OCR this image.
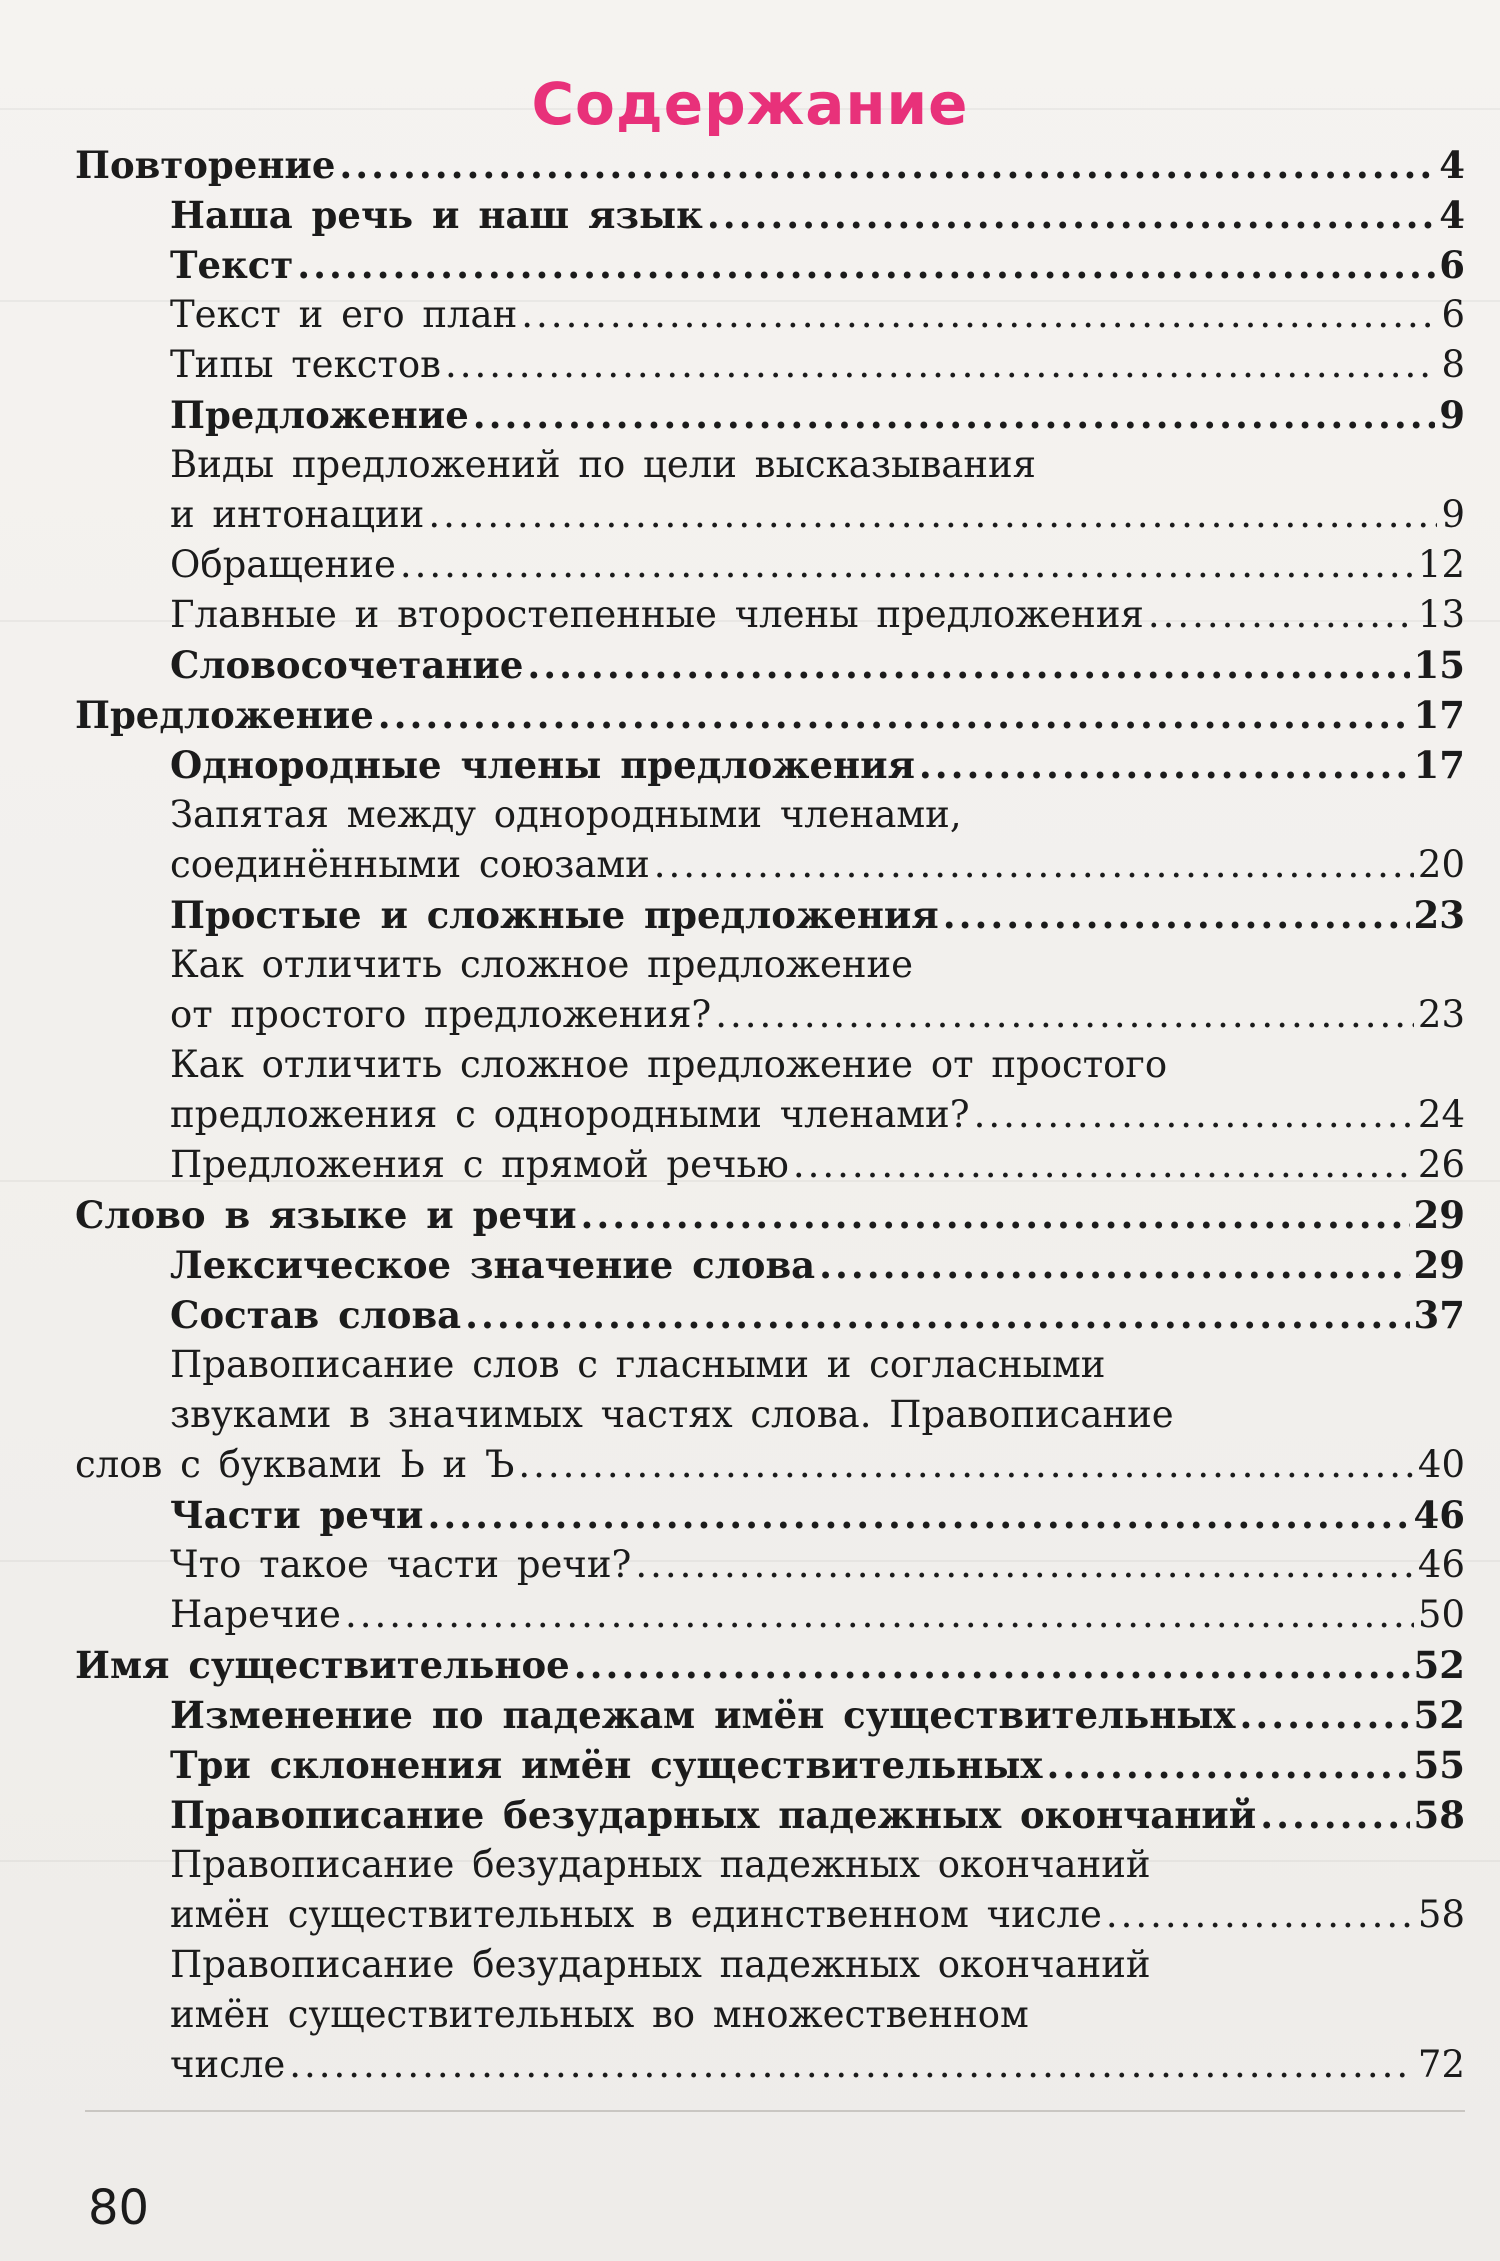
Содержание
Повторение .....	4
Наша речь и наш язык .....	4
Текст .....	6
Текст и его план .....	6
Типы текстов .....	8
Предложение .....	9
Виды предложений по цели высказывания
и интонации .....	9
Обращение .....	12
Главные и второстепенные члены предложения .....	13
Словосочетание .....	15
Предложение .....	17
Однородные члены предложения .....	17
Запятая между однородными членами,
соединёнными союзами .....	20
Простые и сложные предложения .....	23
Как отличить сложное предложение
от простого предложения? .....	23
Как отличить сложное предложение от простого
предложения с однородными членами? .....	24
Предложения с прямой речью .....	26
Слово в языке и речи .....	29
Лексическое значение слова .....	29
Состав слова .....	37
Правописание слов с гласными и согласными
звуками в значимых частях слова. Правописание
слов с буквами Ь и Ъ .....	40
Части речи .....	46
Что такое части речи? .....	46
Наречие .....	50
Имя существительное .....	52
Изменение по падежам имён существительных .....	52
Три склонения имён существительных .....	55
Правописание безударных падежных окончаний .....	58
Правописание безударных падежных окончаний
имён существительных в единственном числе .....	58
Правописание безударных падежных окончаний
имён существительных во множественном
числе .....	72
80
